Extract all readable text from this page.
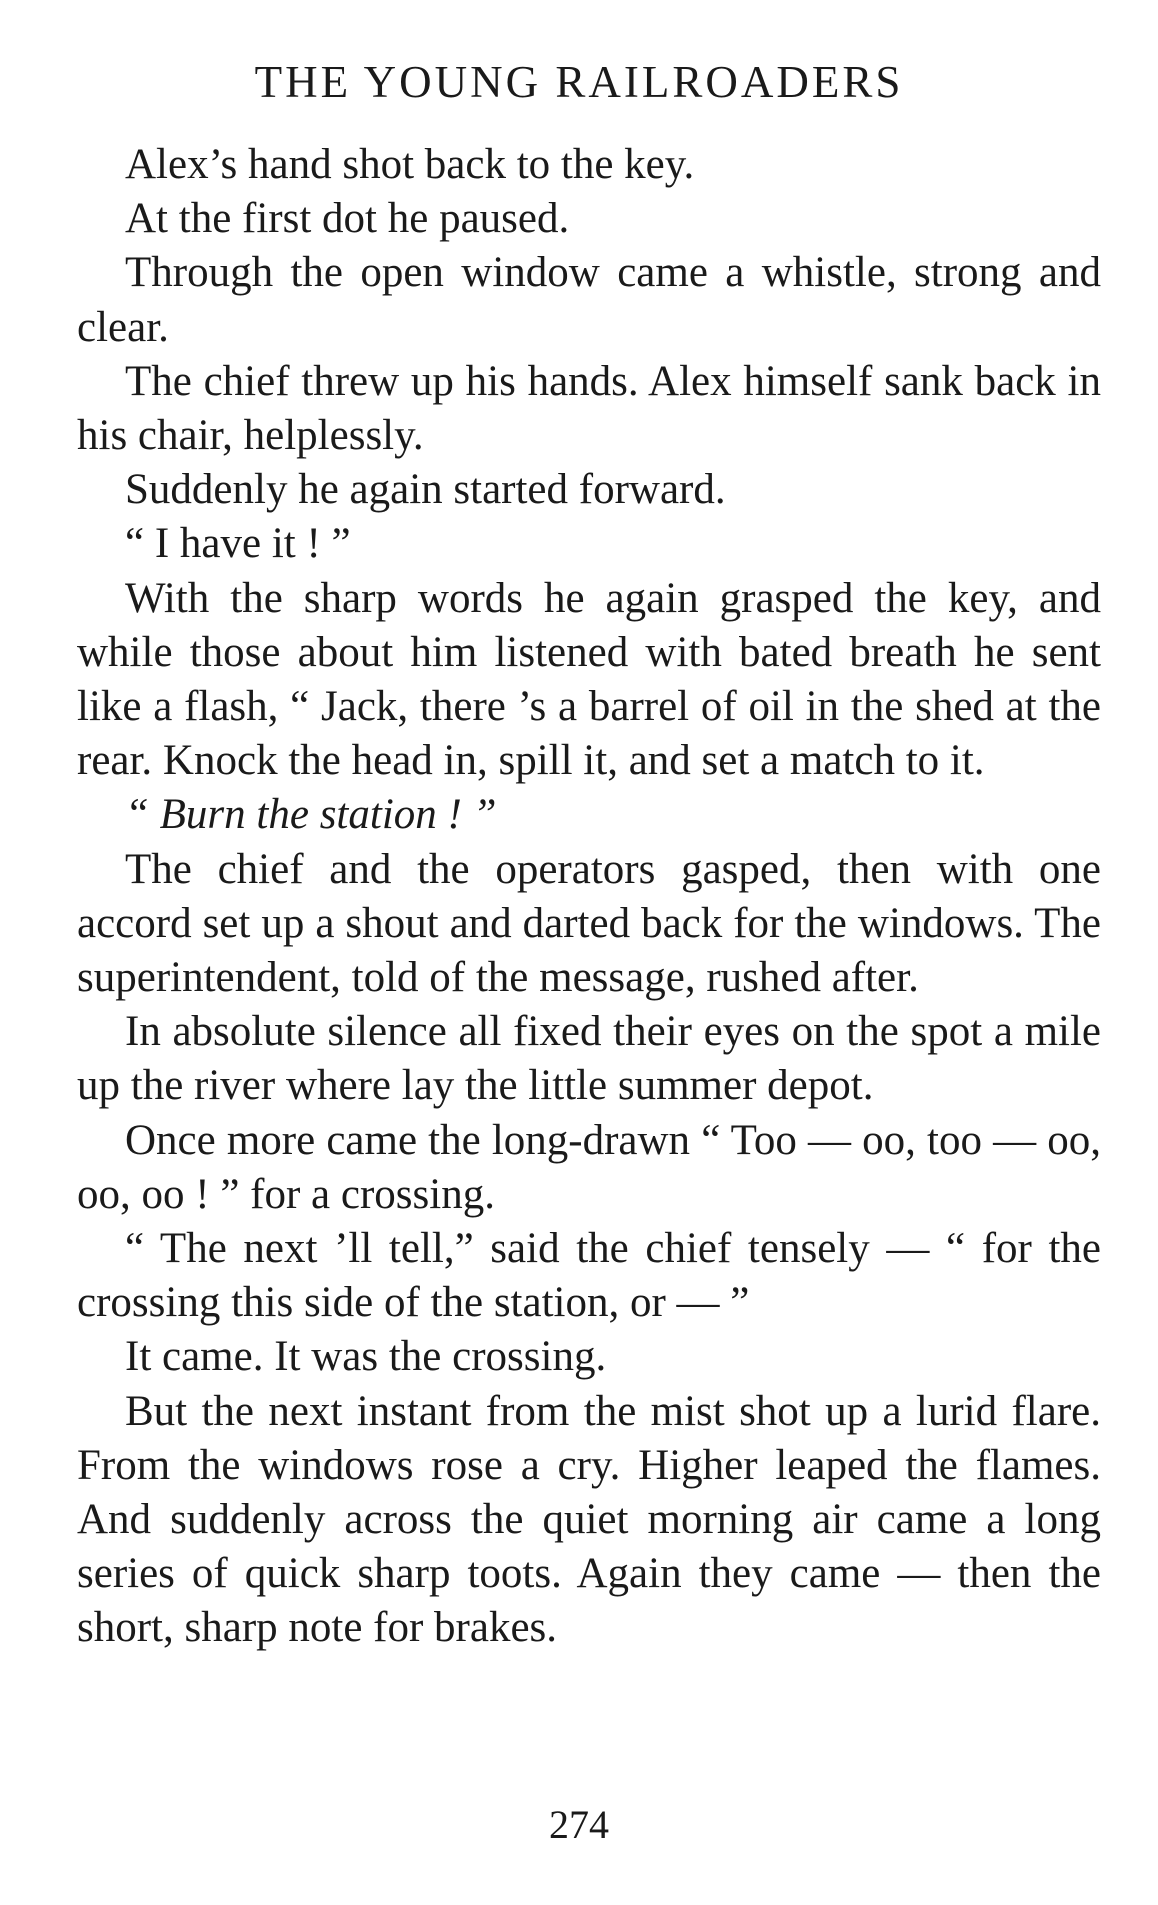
THE YOUNG RAILROADERS

Alex’s hand shot back to the key.

At the first dot he paused.

Through the open window came a whistle, strong and clear.

The chief threw up his hands. Alex himself sank back in his chair, helplessly.

Suddenly he again started forward.

“ I have it ! ”

With the sharp words he again grasped the key, and while those about him listened with bated breath he sent like a flash, “ Jack, there ’s a barrel of oil in the shed at the rear. Knock the head in, spill it, and set a match to it.

“ Burn the station ! ”

The chief and the operators gasped, then with one accord set up a shout and darted back for the windows. The superintendent, told of the message, rushed after.

In absolute silence all fixed their eyes on the spot a mile up the river where lay the little summer depot.

Once more came the long-drawn “ Too — oo, too — oo, oo, oo ! ” for a crossing.

“ The next ’ll tell,” said the chief tensely — “ for the crossing this side of the station, or — ”

It came. It was the crossing.

But the next instant from the mist shot up a lurid flare. From the windows rose a cry. Higher leaped the flames. And suddenly across the quiet morning air came a long series of quick sharp toots. Again they came — then the short, sharp note for brakes.

274
